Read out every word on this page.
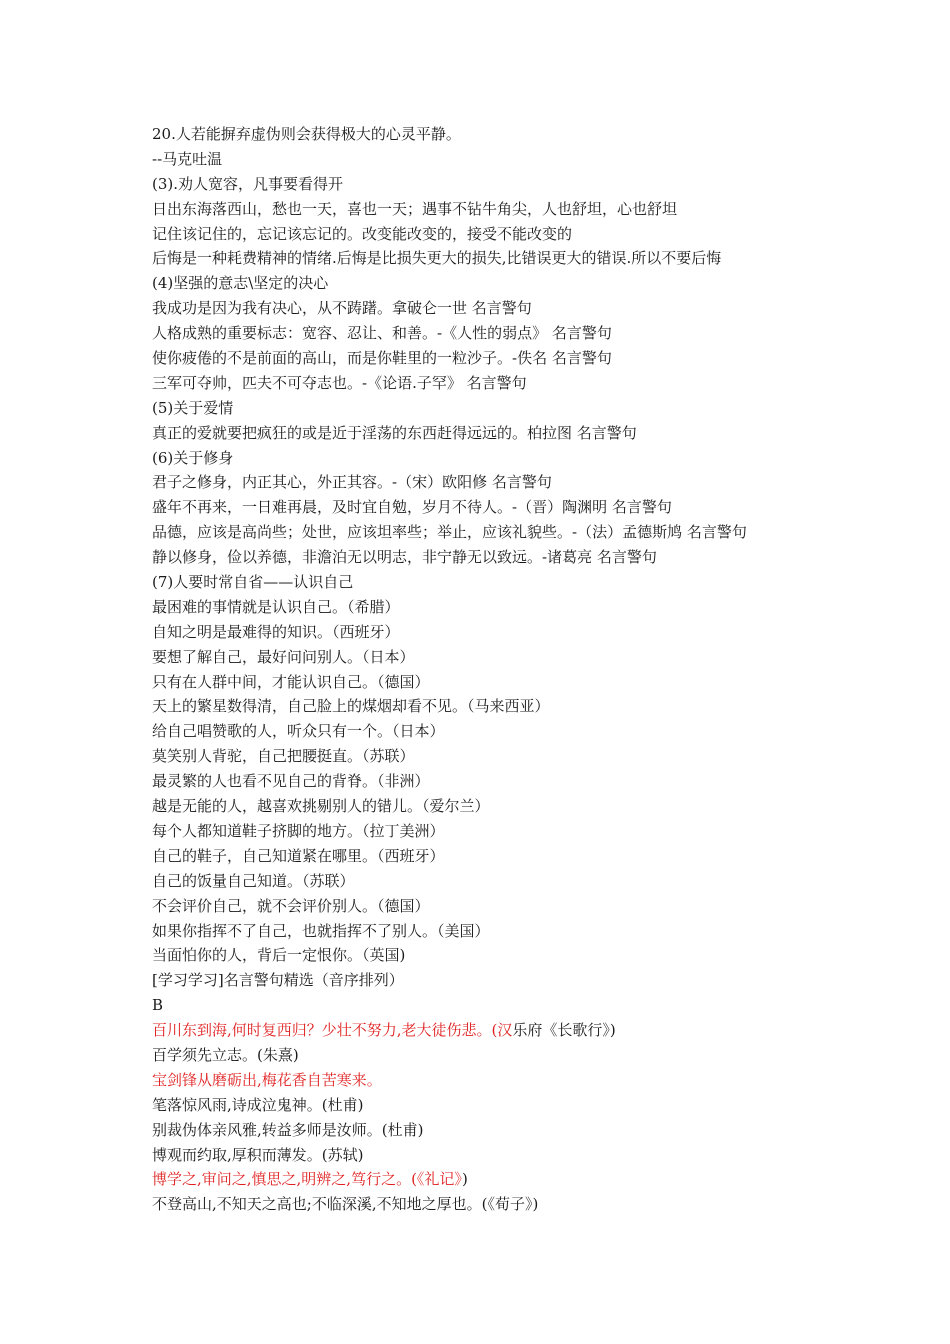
20.人若能摒弃虚伪则会获得极大的心灵平静。
--马克吐温
(3).劝人宽容，凡事要看得开
日出东海落西山，愁也一天，喜也一天；遇事不钻牛角尖，人也舒坦，心也舒坦
记住该记住的，忘记该忘记的。改变能改变的，接受不能改变的
后悔是一种耗费精神的情绪.后悔是比损失更大的损失,比错误更大的错误.所以不要后悔
(4)坚强的意志\坚定的决心
我成功是因为我有决心，从不踌躇。拿破仑一世 名言警句
人格成熟的重要标志：宽容、忍让、和善。-《人性的弱点》 名言警句
使你疲倦的不是前面的高山，而是你鞋里的一粒沙子。-佚名 名言警句
三军可夺帅，匹夫不可夺志也。-《论语.子罕》 名言警句
(5)关于爱情
真正的爱就要把疯狂的或是近于淫荡的东西赶得远远的。柏拉图 名言警句
(6)关于修身
君子之修身，内正其心，外正其容。-（宋）欧阳修 名言警句
盛年不再来，一日难再晨，及时宜自勉，岁月不待人。-（晋）陶渊明 名言警句
品德，应该是高尚些；处世，应该坦率些；举止，应该礼貌些。-（法）孟德斯鸠 名言警句
静以修身，俭以养德，非澹泊无以明志，非宁静无以致远。-诸葛亮 名言警句
(7)人要时常自省——认识自己
最困难的事情就是认识自己。（希腊）
自知之明是最难得的知识。（西班牙）
要想了解自己，最好问问别人。（日本）
只有在人群中间，才能认识自己。（德国）
天上的繁星数得清，自己脸上的煤烟却看不见。（马来西亚）
给自己唱赞歌的人，听众只有一个。（日本）
莫笑别人背驼，自己把腰挺直。（苏联）
最灵繁的人也看不见自己的背脊。（非洲）
越是无能的人，越喜欢挑剔别人的错儿。（爱尔兰）
每个人都知道鞋子挤脚的地方。（拉丁美洲）
自己的鞋子，自己知道紧在哪里。（西班牙）
自己的饭量自己知道。（苏联）
不会评价自己，就不会评价别人。（德国）
如果你指挥不了自己，也就指挥不了别人。（美国）
当面怕你的人，背后一定恨你。（英国)
[学习学习]名言警句精选（音序排列）
B
百川东到海,何时复西归？少壮不努力,老大徒伤悲。(汉乐府《长歌行》)
百学须先立志。(朱熹)
宝剑锋从磨砺出,梅花香自苦寒来。
笔落惊风雨,诗成泣鬼神。(杜甫)
别裁伪体亲风雅,转益多师是汝师。(杜甫)
博观而约取,厚积而薄发。(苏轼)
博学之,审问之,慎思之,明辨之,笃行之。(《礼记》)
不登高山,不知天之高也;不临深溪,不知地之厚也。(《荀子》)
